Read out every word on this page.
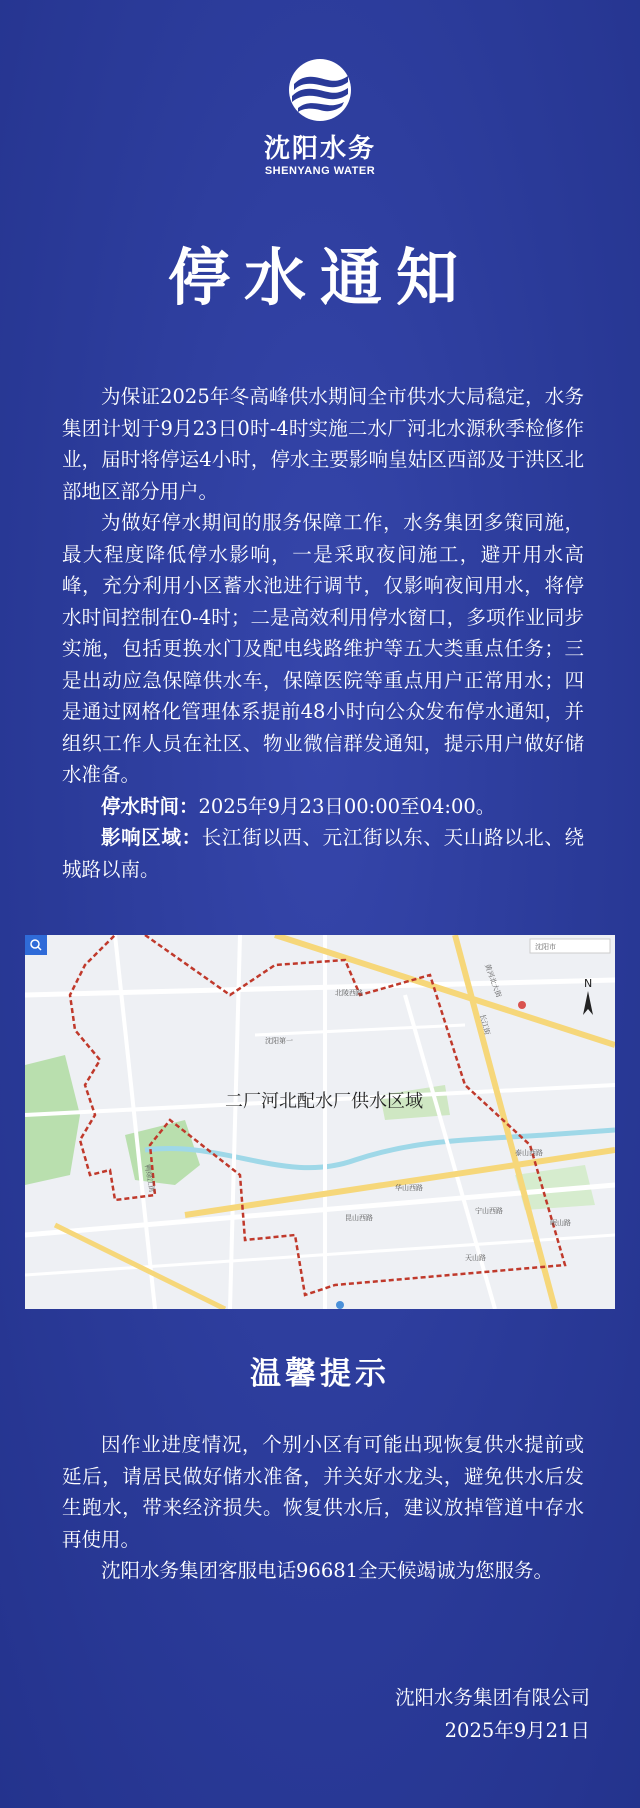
沈阳水务
SHENYANG WATER
停水通知

为保证2025年冬高峰供水期间全市供水大局稳定，水务集团计划于9月23日0时-4时实施二水厂河北水源秋季检修作业，届时将停运4小时，停水主要影响皇姑区西部及于洪区北部地区部分用户。

为做好停水期间的服务保障工作，水务集团多策同施，最大程度降低停水影响，一是采取夜间施工，避开用水高峰，充分利用小区蓄水池进行调节，仅影响夜间用水，将停水时间控制在0-4时；二是高效利用停水窗口，多项作业同步实施，包括更换水门及配电线路维护等五大类重点任务；三是出动应急保障供水车，保障医院等重点用户正常用水；四是通过网格化管理体系提前48小时向公众发布停水通知，并组织工作人员在社区、物业微信群发通知，提示用户做好储水准备。

停水时间：2025年9月23日00:00至04:00。

影响区域：长江街以西、元江街以东、天山路以北、绕城路以南。

二厂河北配水厂供水区域
北陵西路
沈阳第一
鸭绿江街
长江街
天山路
华山西路
泰山西路
宁山西路
昆山西路
黄河北大街
岷山路
沈阳市
N
温馨提示

因作业进度情况，个别小区有可能出现恢复供水提前或延后，请居民做好储水准备，并关好水龙头，避免供水后发生跑水，带来经济损失。恢复供水后，建议放掉管道中存水再使用。

沈阳水务集团客服电话96681全天候竭诚为您服务。

沈阳水务集团有限公司
2025年9月21日
